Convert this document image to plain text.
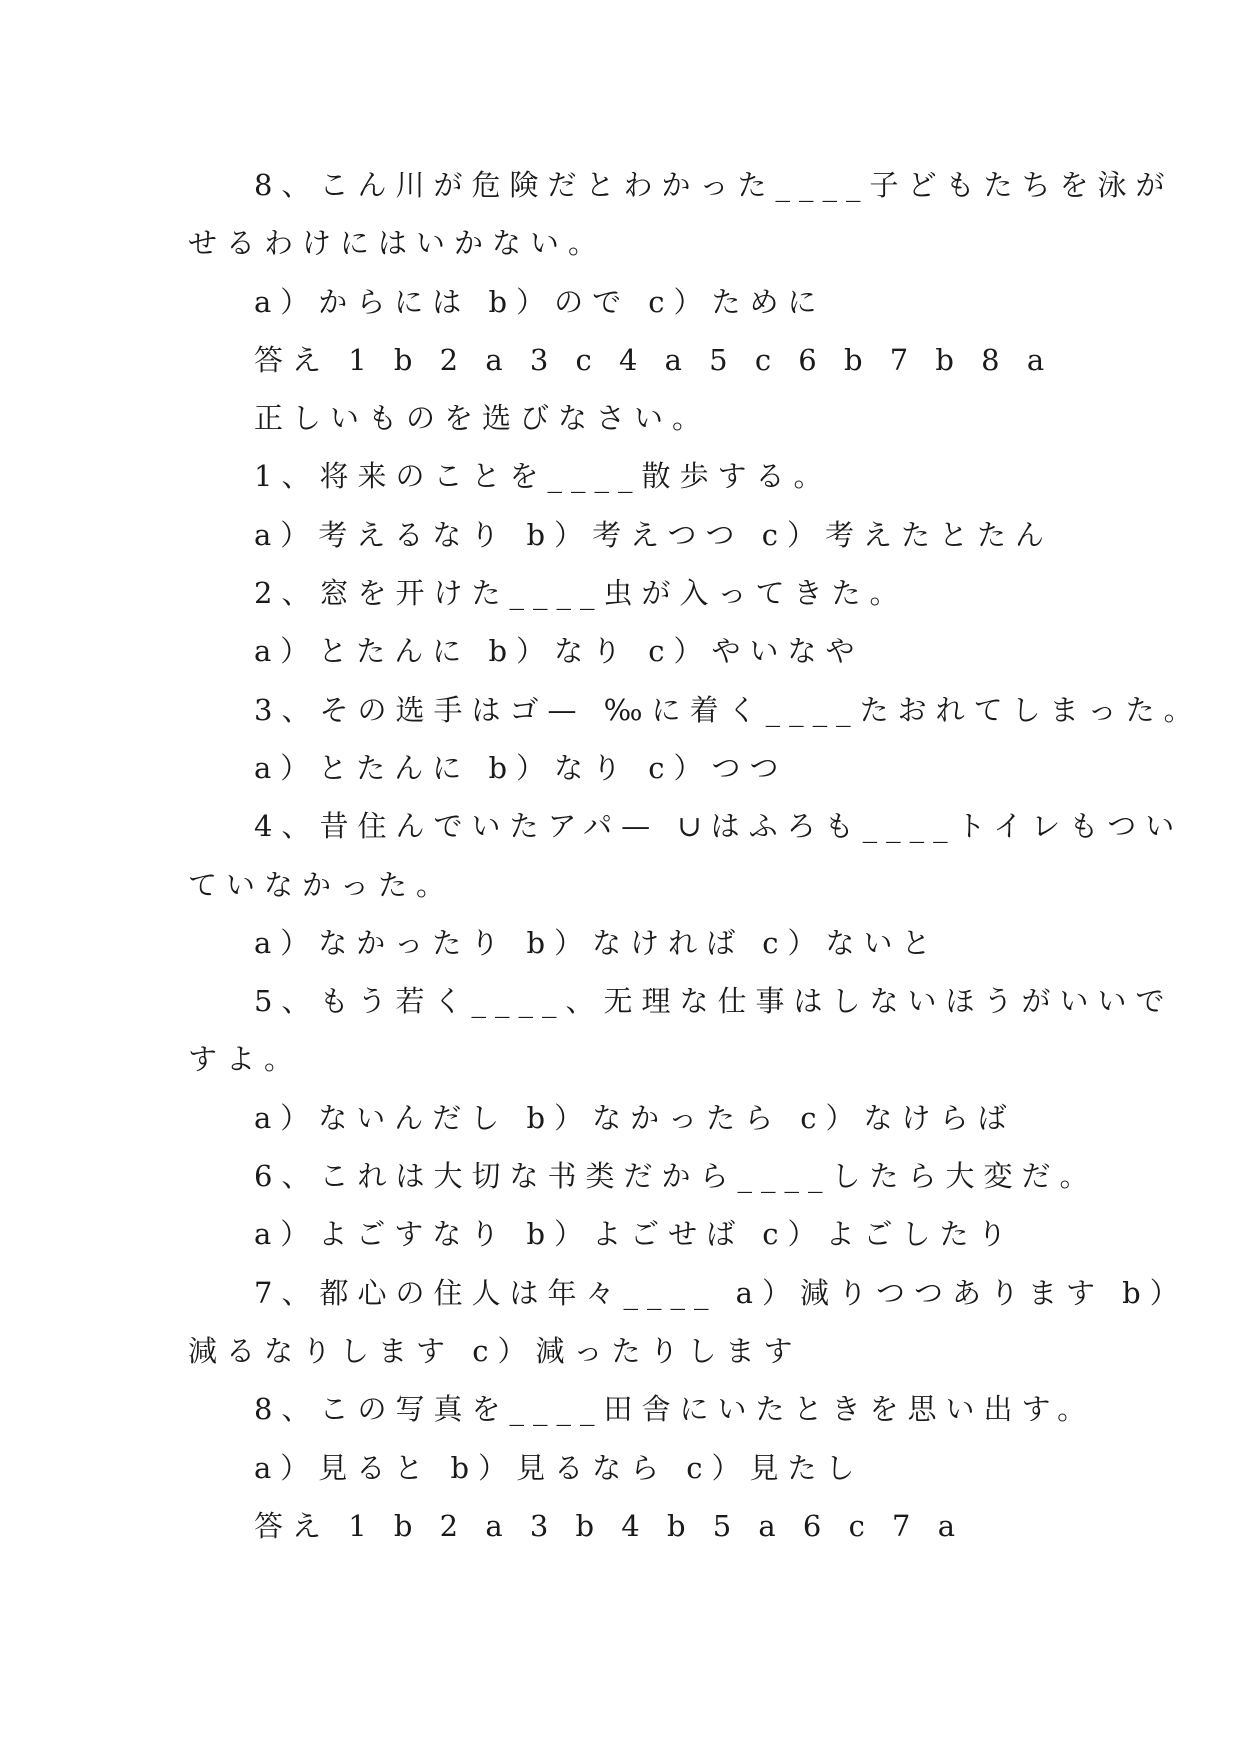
8、こん川が危険だとわかった____子どもたちを泳が
せるわけにはいかない。
a）からには b）ので c）ために
答え 1 b 2 a 3 c 4 a 5 c 6 b 7 b 8 a
正しいものを选びなさい。
1、将来のことを____散歩する。
a）考えるなり b）考えつつ c）考えたとたん
2、窓を开けた____虫が入ってきた。
a）とたんに b）なり c）やいなや
3、その选手はゴ— ‰に着く____たおれてしまった。
a）とたんに b）なり c）つつ
4、昔住んでいたアパ— ∪はふろも____トイレもつい
ていなかった。
a）なかったり b）なければ c）ないと
5、もう若く____、无理な仕事はしないほうがいいで
すよ。
a）ないんだし b）なかったら c）なけらば
6、これは大切な书类だから____したら大変だ。
a）よごすなり b）よごせば c）よごしたり
7、都心の住人は年々____ a）減りつつあります b）
減るなりします c）減ったりします
8、この写真を____田舎にいたときを思い出す。
a）見ると b）見るなら c）見たし
答え 1 b 2 a 3 b 4 b 5 a 6 c 7 a
